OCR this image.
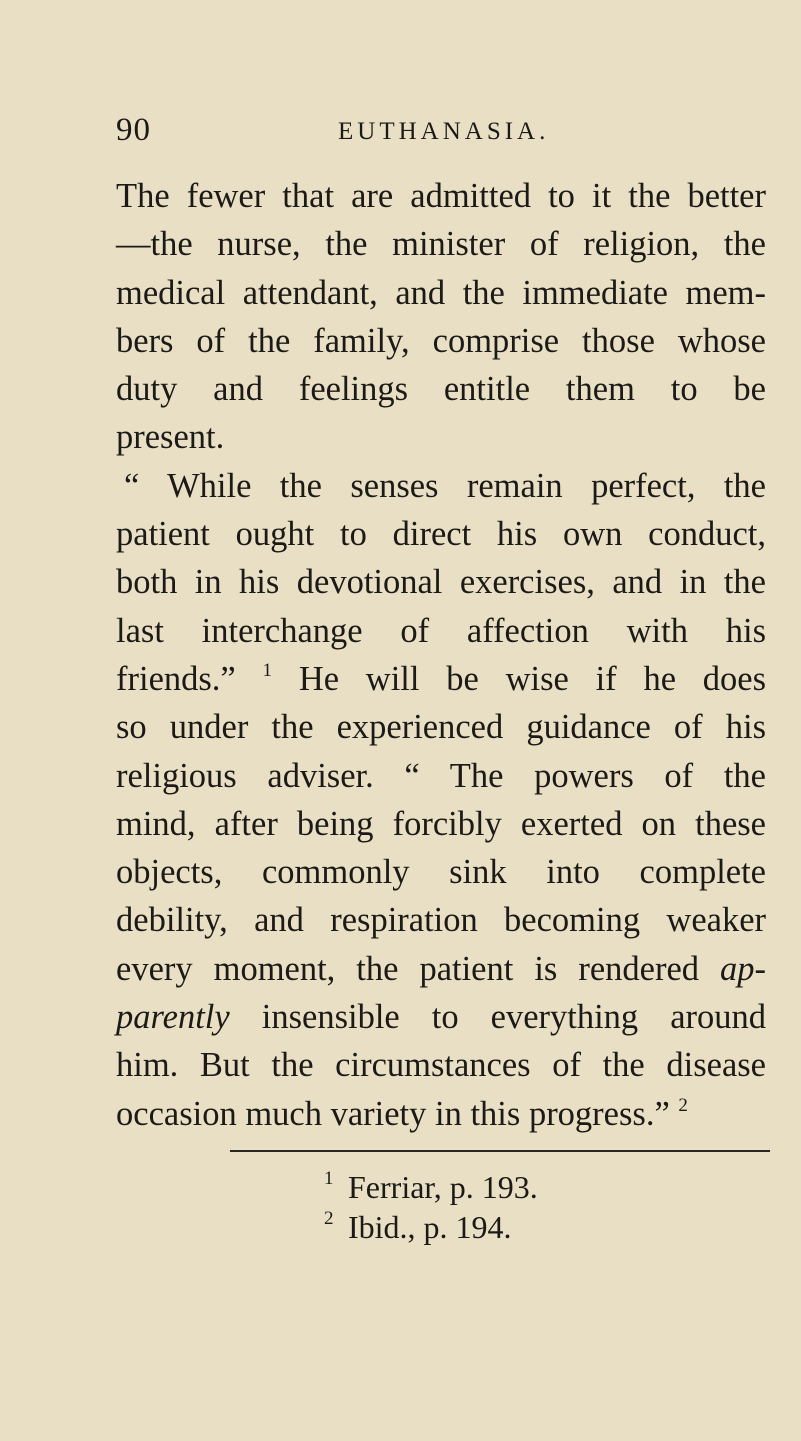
90	EUTHANASIA.
The fewer that are admitted to it the better
—the nurse, the minister of religion, the
medical attendant, and the immediate mem-
bers of the family, comprise those whose
duty and feelings entitle them to be
present.
“ While the senses remain perfect, the
patient ought to direct his own conduct,
both in his devotional exercises, and in the
last interchange of affection with his
friends.” $^1$ He will be wise if he does
so under the experienced guidance of his
religious adviser. “ The powers of the
mind, after being forcibly exerted on these
objects, commonly sink into complete
debility, and respiration becoming weaker
every moment, the patient is rendered ap-
parently insensible to everything around
him. But the circumstances of the disease
occasion much variety in this progress.” $^2$
1 Ferriar, p. 193.
2 Ibid., p. 194.
